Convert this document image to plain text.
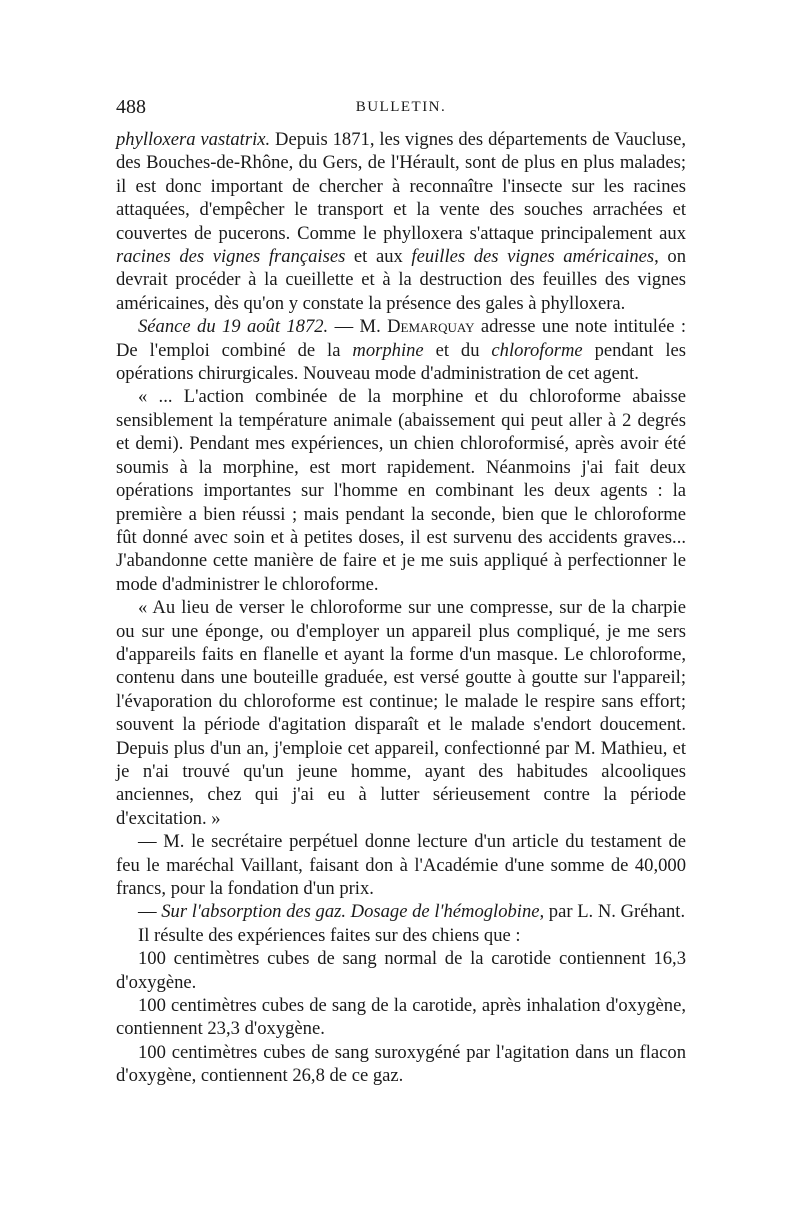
488	BULLETIN.

phylloxera vastatrix. Depuis 1871, les vignes des départements de Vaucluse, des Bouches-de-Rhône, du Gers, de l'Hérault, sont de plus en plus malades; il est donc important de chercher à reconnaître l'insecte sur les racines attaquées, d'empêcher le transport et la vente des souches arrachées et couvertes de pucerons. Comme le phylloxera s'attaque principalement aux racines des vignes françaises et aux feuilles des vignes américaines, on devrait procéder à la cueillette et à la destruction des feuilles des vignes américaines, dès qu'on y constate la présence des gales à phylloxera.

Séance du 19 août 1872. — M. Demarquay adresse une note intitulée : De l'emploi combiné de la morphine et du chloroforme pendant les opérations chirurgicales. Nouveau mode d'administration de cet agent.

« ... L'action combinée de la morphine et du chloroforme abaisse sensiblement la température animale (abaissement qui peut aller à 2 degrés et demi). Pendant mes expériences, un chien chloroformisé, après avoir été soumis à la morphine, est mort rapidement. Néanmoins j'ai fait deux opérations importantes sur l'homme en combinant les deux agents : la première a bien réussi ; mais pendant la seconde, bien que le chloroforme fût donné avec soin et à petites doses, il est survenu des accidents graves... J'abandonne cette manière de faire et je me suis appliqué à perfectionner le mode d'administrer le chloroforme.

« Au lieu de verser le chloroforme sur une compresse, sur de la charpie ou sur une éponge, ou d'employer un appareil plus compliqué, je me sers d'appareils faits en flanelle et ayant la forme d'un masque. Le chloroforme, contenu dans une bouteille graduée, est versé goutte à goutte sur l'appareil; l'évaporation du chloroforme est continue; le malade le respire sans effort; souvent la période d'agitation disparaît et le malade s'endort doucement. Depuis plus d'un an, j'emploie cet appareil, confectionné par M. Mathieu, et je n'ai trouvé qu'un jeune homme, ayant des habitudes alcooliques anciennes, chez qui j'ai eu à lutter sérieusement contre la période d'excitation. »

— M. le secrétaire perpétuel donne lecture d'un article du testament de feu le maréchal Vaillant, faisant don à l'Académie d'une somme de 40,000 francs, pour la fondation d'un prix.

— Sur l'absorption des gaz. Dosage de l'hémoglobine, par L. N. Gréhant.

Il résulte des expériences faites sur des chiens que :

100 centimètres cubes de sang normal de la carotide contiennent 16,3 d'oxygène.

100 centimètres cubes de sang de la carotide, après inhalation d'oxygène, contiennent 23,3 d'oxygène.

100 centimètres cubes de sang suroxygéné par l'agitation dans un flacon d'oxygène, contiennent 26,8 de ce gaz.
